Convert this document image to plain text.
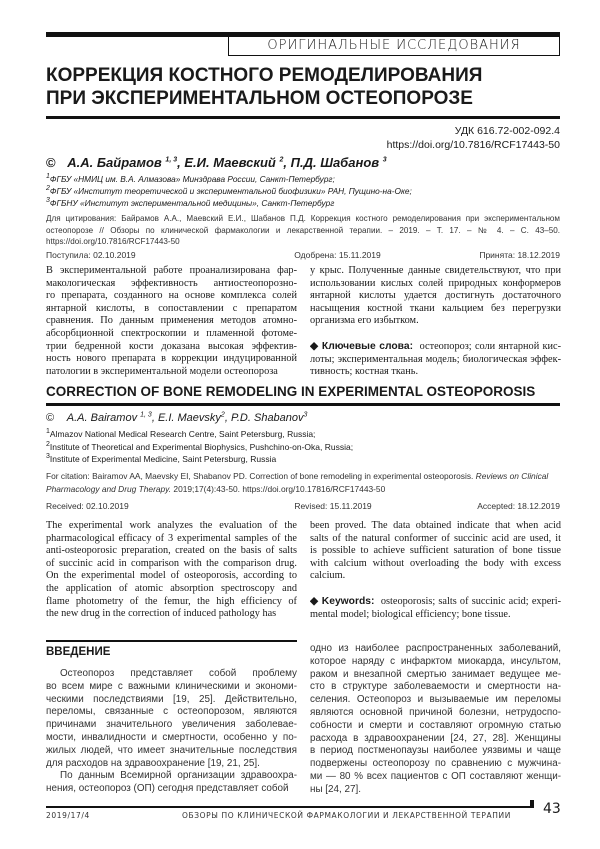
ОРИГИНАЛЬНЫЕ ИССЛЕДОВАНИЯ
КОРРЕКЦИЯ КОСТНОГО РЕМОДЕЛИРОВАНИЯ
ПРИ ЭКСПЕРИМЕНТАЛЬНОМ ОСТЕОПОРОЗЕ
УДК 616.72-002-092.4
https://doi.org/10.7816/RCF17443-50
© А.А. Байрамов 1, 3, Е.И. Маевский 2, П.Д. Шабанов 3
1ФГБУ «НМИЦ им. В.А. Алмазова» Минздрава России, Санкт-Петербург;
2ФГБУ «Институт теоретической и экспериментальной биофизики» РАН, Пущино-на-Оке;
3ФГБНУ «Институт экспериментальной медицины», Санкт-Петербург
Для цитирования: Байрамов А.А., Маевский Е.И., Шабанов П.Д. Коррекция костного ремоделирования при экспериментальном остеопорозе // Обзоры по клинической фармакологии и лекарственной терапии. – 2019. – Т. 17. – № 4. – С. 43–50. https://doi.org/10.7816/RCF17443-50
Поступила: 02.10.2019	Одобрена: 15.11.2019	Принята: 18.12.2019
В экспериментальной работе проанализирована фар-
макологическая эффективность антиостеопорозно-
го препарата, созданного на основе комплекса солей
янтарной кислоты, в сопоставлении с препаратом
сравнения. По данным применения методов атомно-
абсорбционной спектроскопии и пламенной фотоме-
трии бедренной кости доказана высокая эффектив-
ность нового препарата в коррекции индуцированной
патологии в экспериментальной модели остеопороза
у крыс. Полученные данные свидетельствуют, что при
использовании кислых солей природных конформеров
янтарной кислоты удается достигнуть достаточного
насыщения костной ткани кальцием без перегрузки
организма его избытком.
◆ Ключевые слова: остеопороз; соли янтарной кис-
лоты; экспериментальная модель; биологическая эффек-
тивность; костная ткань.
CORRECTION OF BONE REMODELING IN EXPERIMENTAL OSTEOPOROSIS
© A.A. Bairamov 1, 3, E.I. Maevsky2, P.D. Shabanov3
1Almazov National Medical Research Centre, Saint Petersburg, Russia;
2Institute of Theoretical and Experimental Biophysics, Pushchino-on-Oka, Russia;
3Institute of Experimental Medicine, Saint Petersburg, Russia
For citation: Bairamov AA, Maevsky EI, Shabanov PD. Correction of bone remodeling in experimental osteoporosis. Reviews on Clinical Pharmacology and Drug Therapy. 2019;17(4):43-50. https://doi.org/10.17816/RCF17443-50
Received: 02.10.2019	Revised: 15.11.2019	Accepted: 18.12.2019
The experimental work analyzes the evaluation of the
pharmacological efficacy of 3 experimental samples of the
anti-osteoporosic preparation, created on the basis of salts
of succinic acid in comparison with the comparison drug.
On the experimental model of osteoporosis, according to
the application of atomic absorption spectroscopy and
flame photometry of the femur, the high efficiency of
the new drug in the correction of induced pathology has
been proved. The data obtained indicate that when acid
salts of the natural conformer of succinic acid are used, it
is possible to achieve sufficient saturation of bone tissue
with calcium without overloading the body with excess
calcium.
◆ Keywords: osteoporosis; salts of succinic acid; experi-
mental model; biological efficiency; bone tissue.
ВВЕДЕНИЕ
Остеопороз представляет собой проблему
во всем мире с важными клиническими и экономи-
ческими последствиями [19, 25]. Действительно,
переломы, связанные с остеопорозом, являются
причинами значительного увеличения заболевае-
мости, инвалидности и смертности, особенно у по-
жилых людей, что имеет значительные последствия
для расходов на здравоохранение [19, 21, 25].
По данным Всемирной организации здравоохра-
нения, остеопороз (ОП) сегодня представляет собой
одно из наиболее распространенных заболеваний,
которое наряду с инфарктом миокарда, инсультом,
раком и внезапной смертью занимает ведущее ме-
сто в структуре заболеваемости и смертности на-
селения. Остеопороз и вызываемые им переломы
являются основной причиной болезни, нетрудоспо-
собности и смерти и составляют огромную статью
расхода в здравоохранении [24, 27, 28]. Женщины
в период постменопаузы наиболее уязвимы и чаще
подвержены остеопорозу по сравнению с мужчина-
ми — 80 % всех пациентов с ОП составляют женщи-
ны [24, 27].
2019/17/4	ОБЗОРЫ ПО КЛИНИЧЕСКОЙ ФАРМАКОЛОГИИ И ЛЕКАРСТВЕННОЙ ТЕРАПИИ 43
